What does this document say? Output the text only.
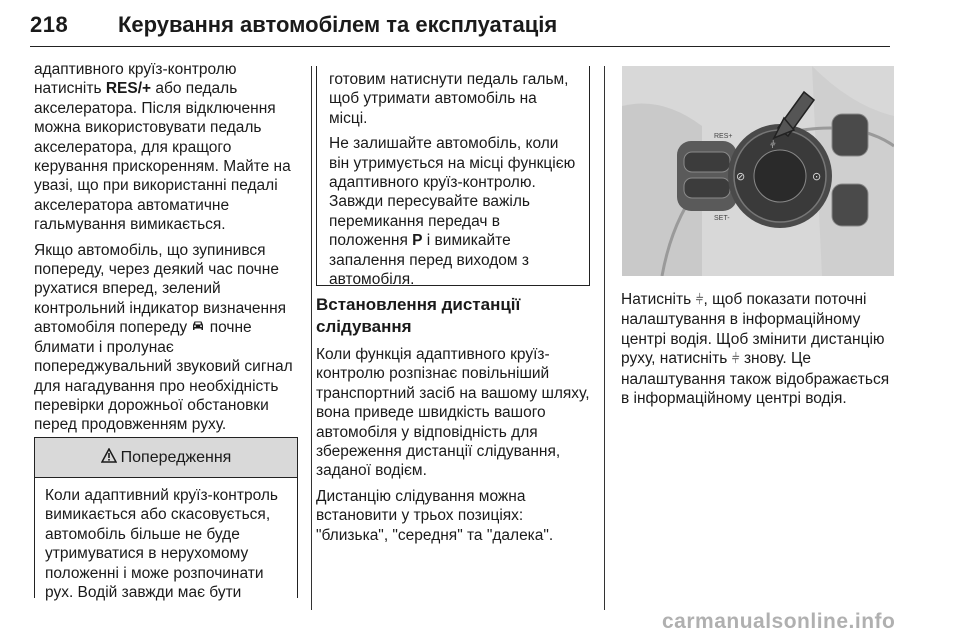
218 Керування автомобілем та експлуатація

адаптивного круїз-контролю натисніть RES/+ або педаль акселератора. Після відключення можна використовувати педаль акселератора, для кращого керування прискоренням. Майте на увазі, що при використанні педалі акселератора автоматичне гальмування вимикається.

Якщо автомобіль, що зупинився попереду, через деякий час почне рухатися вперед, зелений контрольний індикатор визначення автомобіля попереду  почне блимати і пролунає попереджувальний звуковий сигнал для нагадування про необхідність перевірки дорожньої обстановки перед продовженням руху.

Попередження
Коли адаптивний круїз-контроль вимикається або скасовується, автомобіль більше не буде утримуватися в нерухомому положенні і може розпочинати рух. Водій завжди має бути

готовим натиснути педаль гальм, щоб утримати автомобіль на місці.

Не залишайте автомобіль, коли він утримується на місці функцією адаптивного круїз-контролю. Завжди пересувайте важіль перемикання передач в положення P і вимикайте запалення перед виходом з автомобіля.

Встановлення дистанції слідування

Коли функція адаптивного круїз-контролю розпізнає повільніший транспортний засіб на вашому шляху, вона приведе швидкість вашого автомобіля у відповідність для збереження дистанції слідування, заданої водієм.

Дистанцію слідування можна встановити у трьох позиціях: "близька", "середня" та "далека".

RES+
SET-
⫩
⊘	⊙

Натисніть ⫩, щоб показати поточні налаштування в інформаційному центрі водія. Щоб змінити дистанцію руху, натисніть ⫩ знову. Це налаштування також відображається в інформаційному центрі водія.

carmanualsonline.info
